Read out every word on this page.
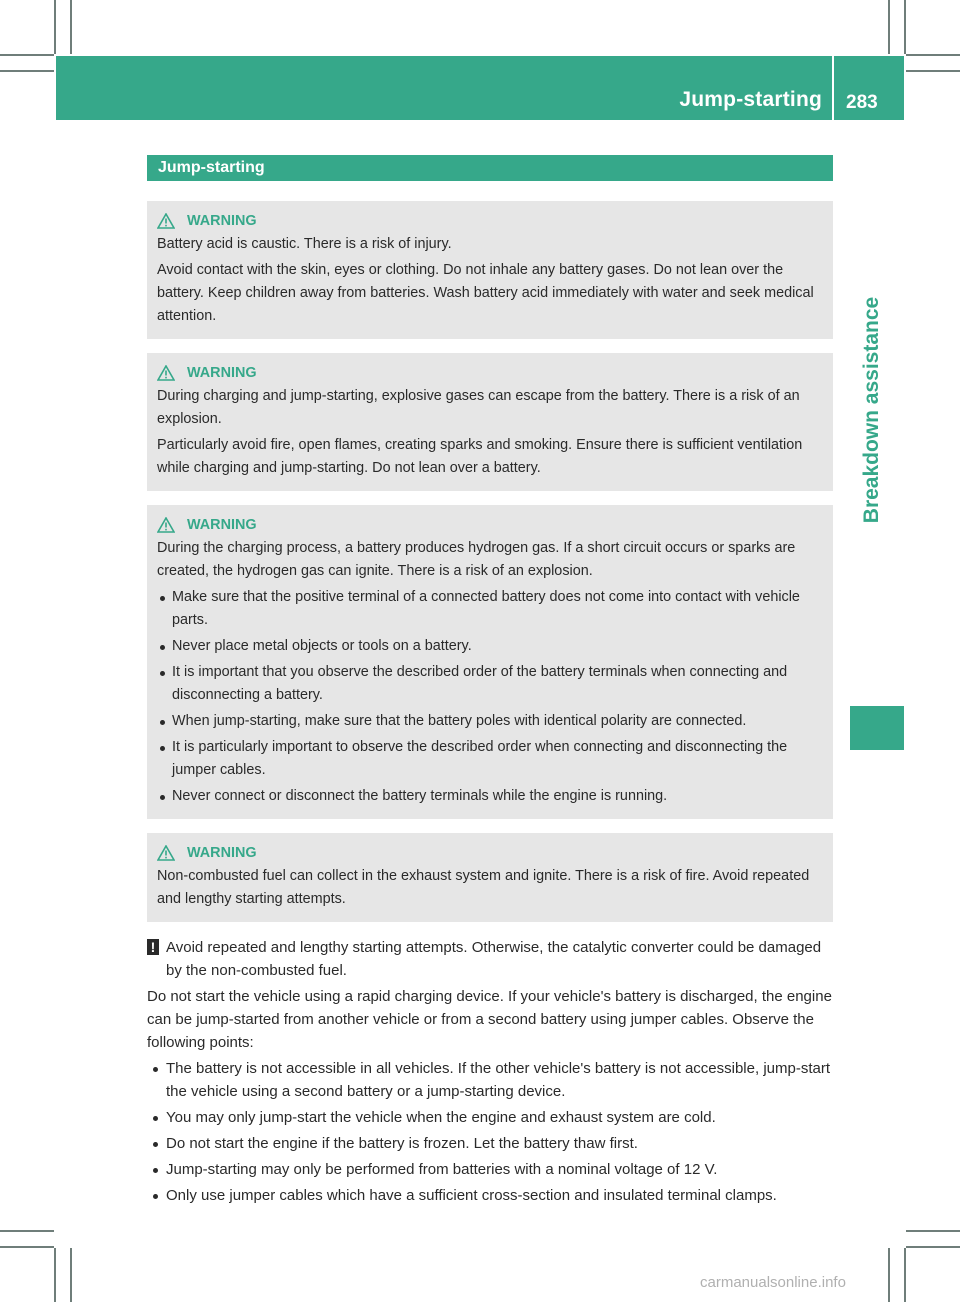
Jump-starting	283
Breakdown assistance
Jump-starting
WARNING

Battery acid is caustic. There is a risk of injury.

Avoid contact with the skin, eyes or clothing. Do not inhale any battery gases. Do not lean over the battery. Keep children away from batteries. Wash battery acid immediately with water and seek medical attention.

WARNING

During charging and jump-starting, explosive gases can escape from the battery. There is a risk of an explosion.

Particularly avoid fire, open flames, creating sparks and smoking. Ensure there is sufficient ventilation while charging and jump-starting. Do not lean over a battery.

WARNING

During the charging process, a battery produces hydrogen gas. If a short circuit occurs or sparks are created, the hydrogen gas can ignite. There is a risk of an explosion.

Make sure that the positive terminal of a connected battery does not come into contact with vehicle parts.
Never place metal objects or tools on a battery.
It is important that you observe the described order of the battery terminals when connecting and disconnecting a battery.
When jump-starting, make sure that the battery poles with identical polarity are connected.
It is particularly important to observe the described order when connecting and disconnecting the jumper cables.
Never connect or disconnect the battery terminals while the engine is running.
WARNING

Non-combusted fuel can collect in the exhaust system and ignite. There is a risk of fire. Avoid repeated and lengthy starting attempts.

! Avoid repeated and lengthy starting attempts. Otherwise, the catalytic converter could be damaged by the non-combusted fuel.

Do not start the vehicle using a rapid charging device. If your vehicle's battery is discharged, the engine can be jump-started from another vehicle or from a second battery using jumper cables. Observe the following points:

The battery is not accessible in all vehicles. If the other vehicle's battery is not accessible, jump-start the vehicle using a second battery or a jump-starting device.
You may only jump-start the vehicle when the engine and exhaust system are cold.
Do not start the engine if the battery is frozen. Let the battery thaw first.
Jump-starting may only be performed from batteries with a nominal voltage of 12 V.
Only use jumper cables which have a sufficient cross-section and insulated terminal clamps.
carmanualsonline.info
